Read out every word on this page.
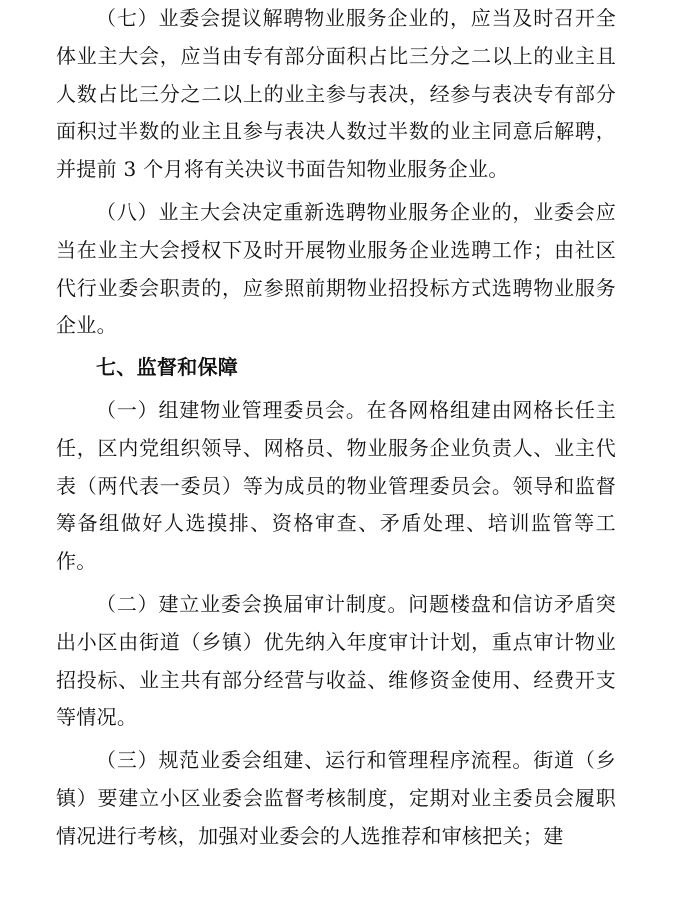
（七）业委会提议解聘物业服务企业的，应当及时召开全体业主大会，应当由专有部分面积占比三分之二以上的业主且人数占比三分之二以上的业主参与表决，经参与表决专有部分面积过半数的业主且参与表决人数过半数的业主同意后解聘，并提前 3 个月将有关决议书面告知物业服务企业。

（八）业主大会决定重新选聘物业服务企业的，业委会应当在业主大会授权下及时开展物业服务企业选聘工作；由社区代行业委会职责的，应参照前期物业招投标方式选聘物业服务企业。

七、监督和保障

（一）组建物业管理委员会。在各网格组建由网格长任主任，区内党组织领导、网格员、物业服务企业负责人、业主代表（两代表一委员）等为成员的物业管理委员会。领导和监督筹备组做好人选摸排、资格审查、矛盾处理、培训监管等工作。

（二）建立业委会换届审计制度。问题楼盘和信访矛盾突出小区由街道（乡镇）优先纳入年度审计计划，重点审计物业招投标、业主共有部分经营与收益、维修资金使用、经费开支等情况。

（三）规范业委会组建、运行和管理程序流程。街道（乡镇）要建立小区业委会监督考核制度，定期对业主委员会履职情况进行考核，加强对业委会的人选推荐和审核把关；建
